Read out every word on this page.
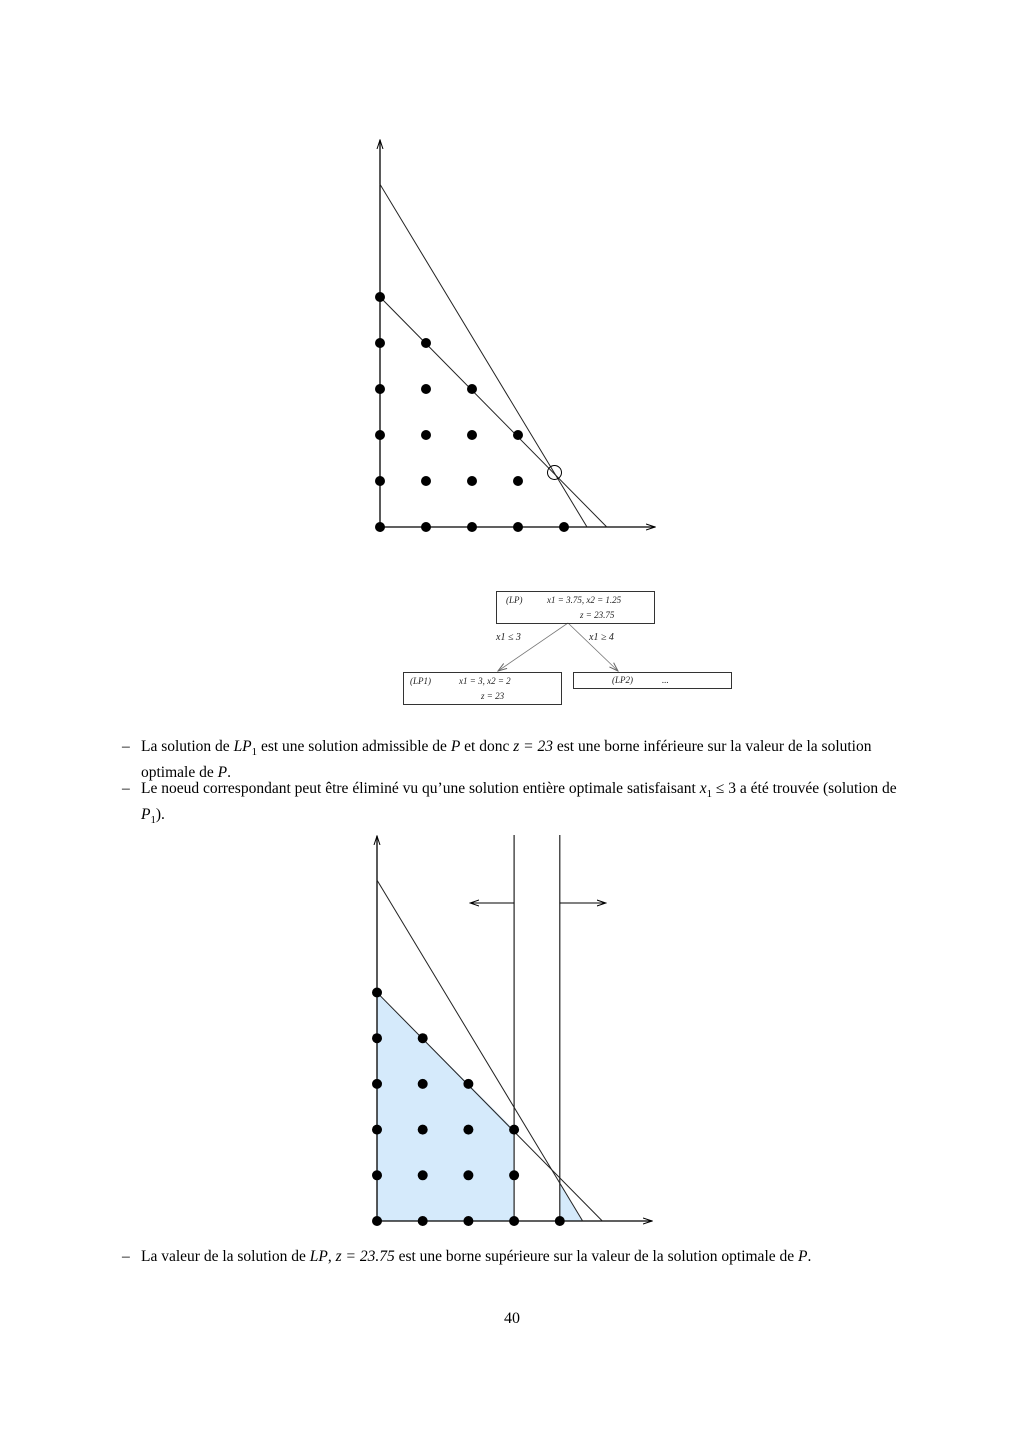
(LP)	x1 = 3.75, x2 = 1.25
z = 23.75
x1 ≤ 3	x1 ≥ 4
(LP1)	x1 = 3, x2 = 2
z = 23
(LP2)	...
– La solution de $LP_1$ est une solution admissible de P et donc z = 23 est une borne inférieure sur la valeur de la solution optimale de P.
– Le noeud correspondant peut être éliminé vu qu’une solution entière optimale satisfaisant $x_1 \le 3$ a été trouvée (solution de $P_1$).
– La valeur de la solution de LP, z = 23.75 est une borne supérieure sur la valeur de la solution optimale de P.
40
